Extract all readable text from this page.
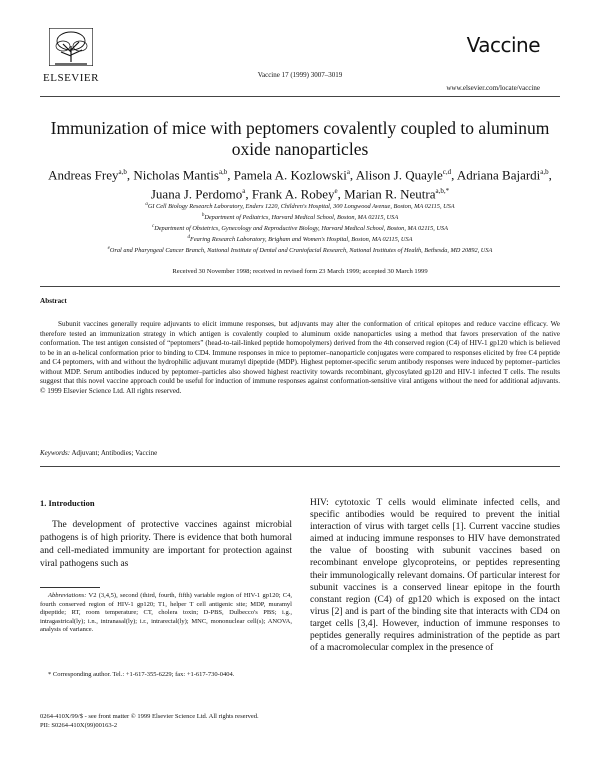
ELSEVIER
Vaccine
Vaccine 17 (1999) 3007–3019
www.elsevier.com/locate/vaccine
Immunization of mice with peptomers covalently coupled to aluminum oxide nanoparticles
Andreas Frey$^{a,b}$, Nicholas Mantis$^{a,b}$, Pamela A. Kozlowski$^a$, Alison J. Quayle$^{c,d}$, Adriana Bajardi$^{a,b}$, Juana J. Perdomo$^a$, Frank A. Robey$^e$, Marian R. Neutra$^{a,b,*}$
$^a$GI Cell Biology Research Laboratory, Enders 1220, Children's Hospital, 300 Longwood Avenue, Boston, MA 02115, USA
$^b$Department of Pediatrics, Harvard Medical School, Boston, MA 02115, USA
$^c$Department of Obstetrics, Gynecology and Reproductive Biology, Harvard Medical School, Boston, MA 02115, USA
$^d$Fearing Research Laboratory, Brigham and Women's Hospital, Boston, MA 02115, USA
$^e$Oral and Pharyngeal Cancer Branch, National Institute of Dental and Craniofacial Research, National Institutes of Health, Bethesda, MD 20892, USA
Received 30 November 1998; received in revised form 23 March 1999; accepted 30 March 1999
Abstract

Subunit vaccines generally require adjuvants to elicit immune responses, but adjuvants may alter the conformation of critical epitopes and reduce vaccine efficacy. We therefore tested an immunization strategy in which antigen is covalently coupled to aluminum oxide nanoparticles using a method that favors preservation of the native conformation. The test antigen consisted of “peptomers” (head-to-tail-linked peptide homopolymers) derived from the 4th conserved region (C4) of HIV-1 gp120 which is believed to be in an α-helical conformation prior to binding to CD4. Immune responses in mice to peptomer–nanoparticle conjugates were compared to responses elicited by free C4 peptide and C4 peptomers, with and without the hydrophilic adjuvant muramyl dipeptide (MDP). Highest peptomer-specific serum antibody responses were induced by peptomer–particles without MDP. Serum antibodies induced by peptomer–particles also showed highest reactivity towards recombinant, glycosylated gp120 and HIV-1 infected T cells. The results suggest that this novel vaccine approach could be useful for induction of immune responses against conformation-sensitive viral antigens without the need for additional adjuvants. © 1999 Elsevier Science Ltd. All rights reserved.

Keywords: Adjuvant; Antibodies; Vaccine
1. Introduction

The development of protective vaccines against microbial pathogens is of high priority. There is evidence that both humoral and cell-mediated immunity are important for protection against viral pathogens such as

Abbreviations: V2 (3,4,5), second (third, fourth, fifth) variable region of HIV-1 gp120; C4, fourth conserved region of HIV-1 gp120; T1, helper T cell antigenic site; MDP, muramyl dipeptide; RT, room temperature; CT, cholera toxin; D-PBS, Dulbecco's PBS; i.g., intragastrical(ly); i.n., intranasal(ly); i.r., intrarectal(ly); MNC, mononuclear cell(s); ANOVA, analysis of variance.

* Corresponding author. Tel.: +1-617-355-6229; fax: +1-617-730-0404.

0264-410X/99/$ - see front matter © 1999 Elsevier Science Ltd. All rights reserved.
PII: S0264-410X(99)00163-2

HIV: cytotoxic T cells would eliminate infected cells, and specific antibodies would be required to prevent the initial interaction of virus with target cells [1]. Current vaccine studies aimed at inducing immune responses to HIV have demonstrated the value of boosting with subunit vaccines based on recombinant envelope glycoproteins, or peptides representing their immunologically relevant domains. Of particular interest for subunit vaccines is a conserved linear epitope in the fourth constant region (C4) of gp120 which is exposed on the intact virus [2] and is part of the binding site that interacts with CD4 on target cells [3,4]. However, induction of immune responses to peptides generally requires administration of the peptide as part of a macromolecular complex in the presence of
